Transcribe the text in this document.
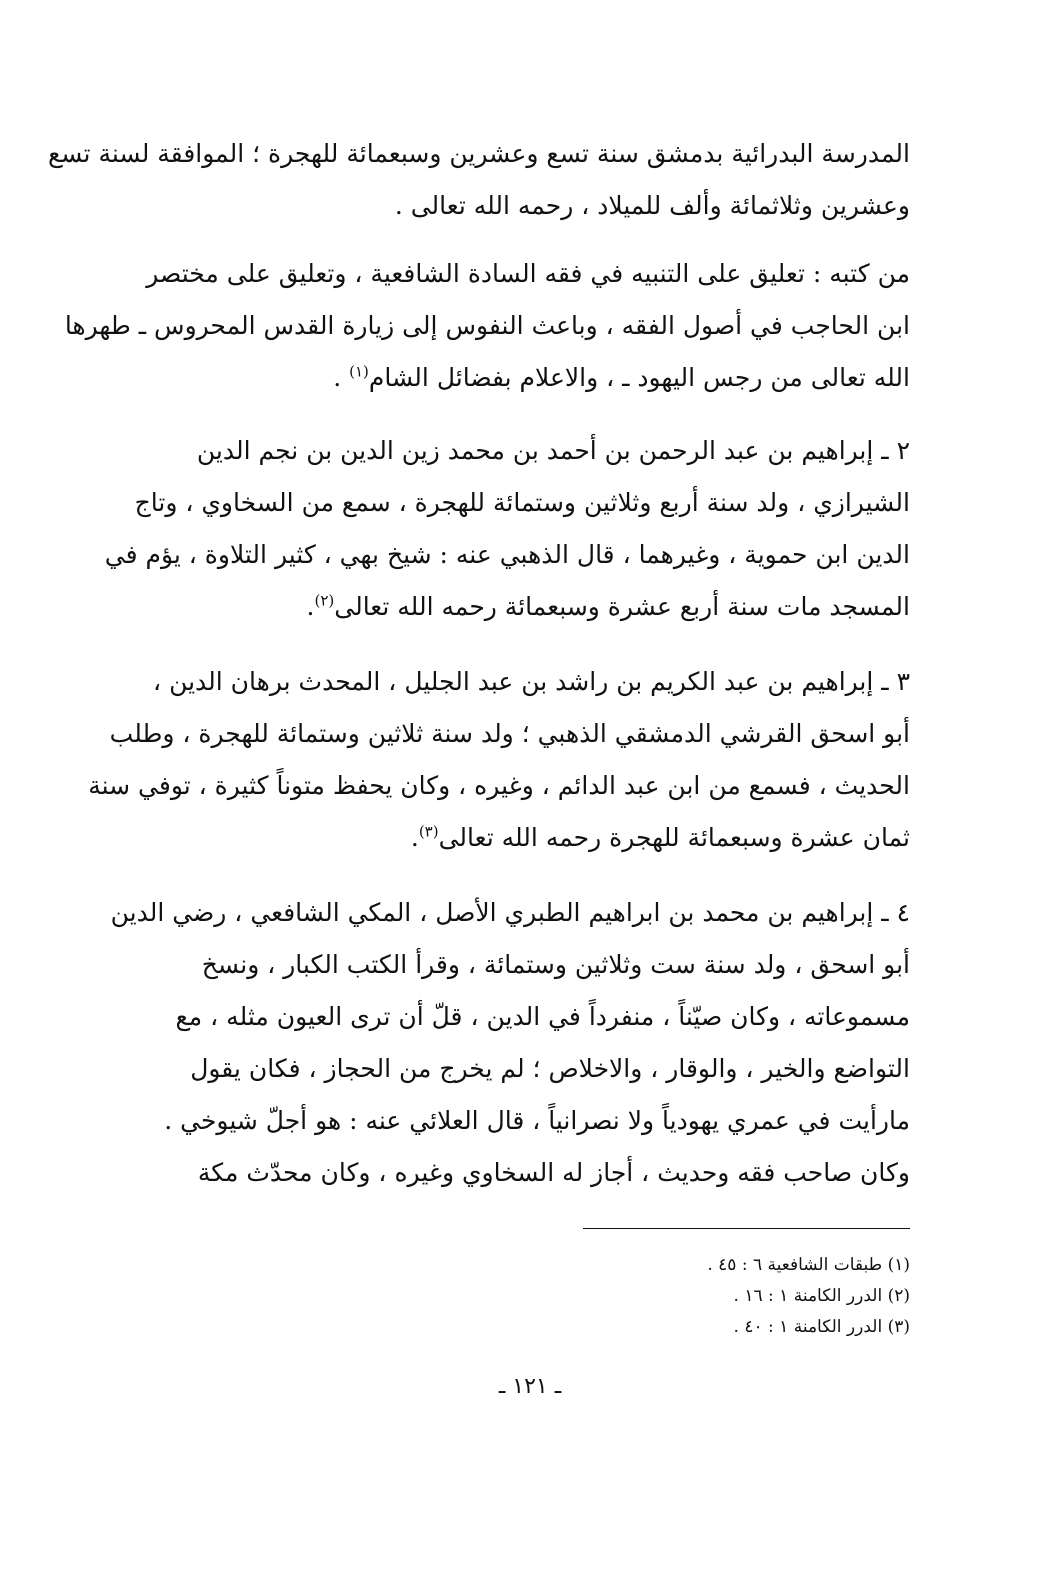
المدرسة البدرائية بدمشق سنة تسع وعشرين وسبعمائة للهجرة ؛ الموافقة لسنة تسع
وعشرين وثلاثمائة وألف للميلاد ، رحمه الله تعالى .
من كتبه : تعليق على التنبيه في فقه السادة الشافعية ، وتعليق على مختصر
ابن الحاجب في أصول الفقه ، وباعث النفوس إلى زيارة القدس المحروس ـ طهرها
الله تعالى من رجس اليهود ـ ، والاعلام بفضائل الشام$^{(١)}$ .
٢ ـ إبراهيم بن عبد الرحمن بن أحمد بن محمد زين الدين بن نجم الدين
الشيرازي ، ولد سنة أربع وثلاثين وستمائة للهجرة ، سمع من السخاوي ، وتاج
الدين ابن حموية ، وغيرهما ، قال الذهبي عنه : شيخ بهي ، كثير التلاوة ، يؤم في
المسجد مات سنة أربع عشرة وسبعمائة رحمه الله تعالى$^{(٢)}$.
٣ ـ إبراهيم بن عبد الكريم بن راشد بن عبد الجليل ، المحدث برهان الدين ،
أبو اسحق القرشي الدمشقي الذهبي ؛ ولد سنة ثلاثين وستمائة للهجرة ، وطلب
الحديث ، فسمع من ابن عبد الدائم ، وغيره ، وكان يحفظ متوناً كثيرة ، توفي سنة
ثمان عشرة وسبعمائة للهجرة رحمه الله تعالى$^{(٣)}$.
٤ ـ إبراهيم بن محمد بن ابراهيم الطبري الأصل ، المكي الشافعي ، رضي الدين
أبو اسحق ، ولد سنة ست وثلاثين وستمائة ، وقرأ الكتب الكبار ، ونسخ
مسموعاته ، وكان صيّناً ، منفرداً في الدين ، قلّ أن ترى العيون مثله ، مع
التواضع والخير ، والوقار ، والاخلاص ؛ لم يخرج من الحجاز ، فكان يقول
مارأيت في عمري يهودياً ولا نصرانياً ، قال العلائي عنه : هو أجلّ شيوخي .
وكان صاحب فقه وحديث ، أجاز له السخاوي وغيره ، وكان محدّث مكة
(١) طبقات الشافعية ٦ : ٤٥ .
(٢) الدرر الكامنة ١ : ١٦ .
(٣) الدرر الكامنة ١ : ٤٠ .
ـ ١٢١ ـ
